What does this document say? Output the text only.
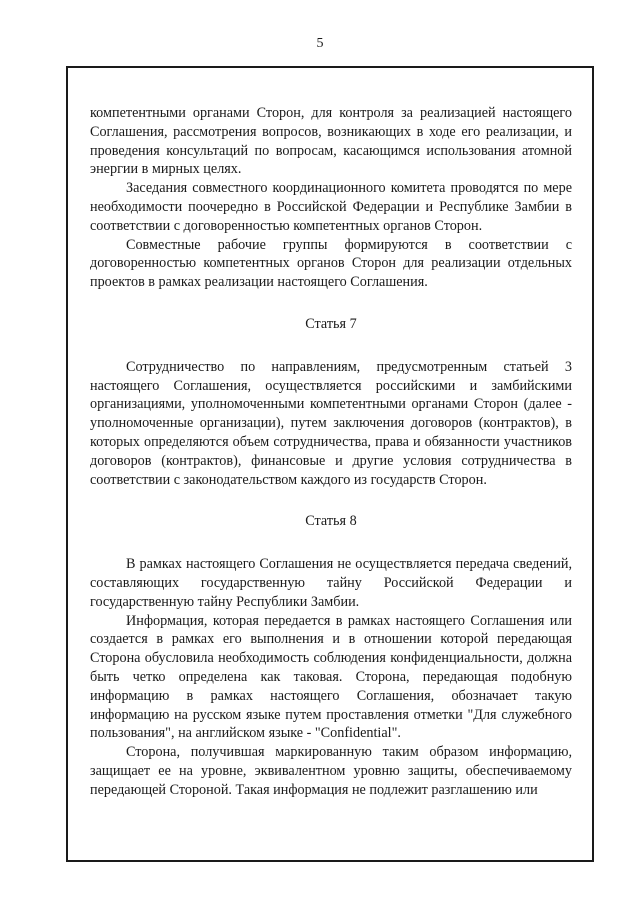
5

компетентными органами Сторон, для контроля за реализацией настоящего Соглашения, рассмотрения вопросов, возникающих в ходе его реализации, и проведения консультаций по вопросам, касающимся использования атомной энергии в мирных целях.

Заседания совместного координационного комитета проводятся по мере необходимости поочередно в Российской Федерации и Республике Замбии в соответствии с договоренностью компетентных органов Сторон.

Совместные рабочие группы формируются в соответствии с договоренностью компетентных органов Сторон для реализации отдельных проектов в рамках реализации настоящего Соглашения.

Статья 7

Сотрудничество по направлениям, предусмотренным статьей 3 настоящего Соглашения, осуществляется российскими и замбийскими организациями, уполномоченными компетентными органами Сторон (далее - уполномоченные организации), путем заключения договоров (контрактов), в которых определяются объем сотрудничества, права и обязанности участников договоров (контрактов), финансовые и другие условия сотрудничества в соответствии с законодательством каждого из государств Сторон.

Статья 8

В рамках настоящего Соглашения не осуществляется передача сведений, составляющих государственную тайну Российской Федерации и государственную тайну Республики Замбии.

Информация, которая передается в рамках настоящего Соглашения или создается в рамках его выполнения и в отношении которой передающая Сторона обусловила необходимость соблюдения конфиденциальности, должна быть четко определена как таковая. Сторона, передающая подобную информацию в рамках настоящего Соглашения, обозначает такую информацию на русском языке путем проставления отметки "Для служебного пользования", на английском языке - "Confidential".

Сторона, получившая маркированную таким образом информацию, защищает ее на уровне, эквивалентном уровню защиты, обеспечиваемому передающей Стороной. Такая информация не подлежит разглашению или
